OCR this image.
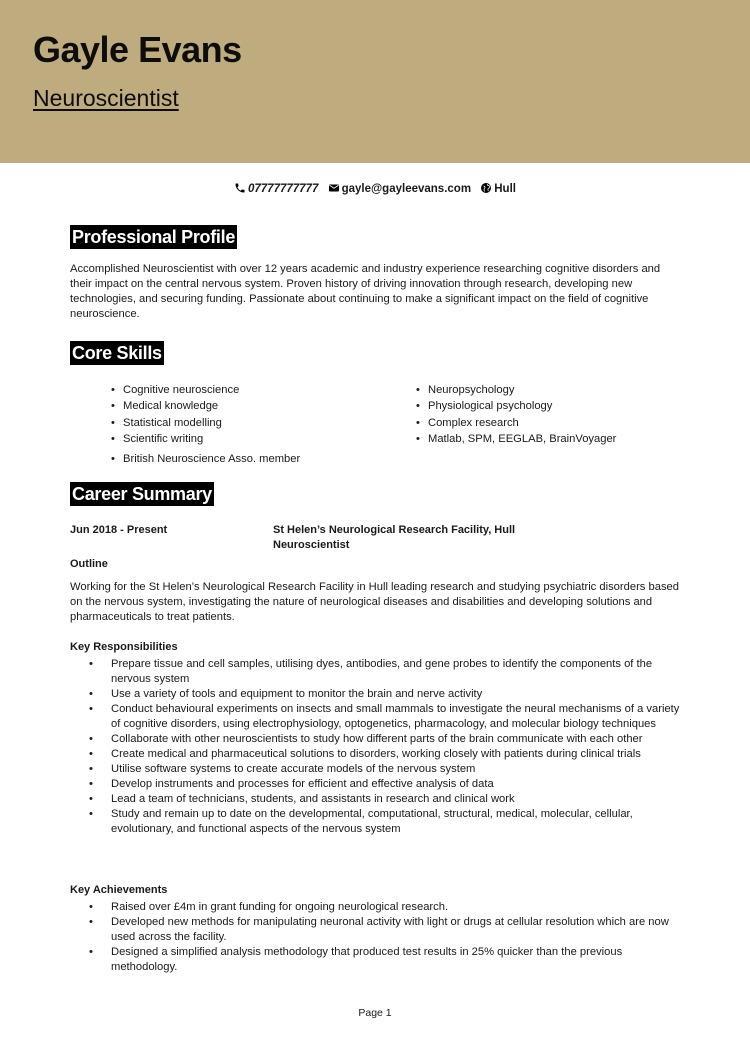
Gayle Evans
Neuroscientist
07777777777 gayle@gayleevans.com Hull
Professional Profile

Accomplished Neuroscientist with over 12 years academic and industry experience researching cognitive disorders and their impact on the central nervous system. Proven history of driving innovation through research, developing new technologies, and securing funding. Passionate about continuing to make a significant impact on the field of cognitive neuroscience.

Core Skills
• Cognitive neuroscience
• Medical knowledge
• Statistical modelling
• Scientific writing
• British Neuroscience Asso. member
• Neuropsychology
• Physiological psychology
• Complex research
• Matlab, SPM, EEGLAB, BrainVoyager
Career Summary
Jun 2018 - Present	St Helen’s Neurological Research Facility, Hull
Neuroscientist
Outline

Working for the St Helen’s Neurological Research Facility in Hull leading research and studying psychiatric disorders based on the nervous system, investigating the nature of neurological diseases and disabilities and developing solutions and pharmaceuticals to treat patients.

Key Responsibilities
• Prepare tissue and cell samples, utilising dyes, antibodies, and gene probes to identify the components of the nervous system
• Use a variety of tools and equipment to monitor the brain and nerve activity
• Conduct behavioural experiments on insects and small mammals to investigate the neural mechanisms of a variety of cognitive disorders, using electrophysiology, optogenetics, pharmacology, and molecular biology techniques
• Collaborate with other neuroscientists to study how different parts of the brain communicate with each other
• Create medical and pharmaceutical solutions to disorders, working closely with patients during clinical trials
• Utilise software systems to create accurate models of the nervous system
• Develop instruments and processes for efficient and effective analysis of data
• Lead a team of technicians, students, and assistants in research and clinical work
• Study and remain up to date on the developmental, computational, structural, medical, molecular, cellular, evolutionary, and functional aspects of the nervous system
Key Achievements
• Raised over £4m in grant funding for ongoing neurological research.
• Developed new methods for manipulating neuronal activity with light or drugs at cellular resolution which are now used across the facility.
• Designed a simplified analysis methodology that produced test results in 25% quicker than the previous methodology.
Page 1
